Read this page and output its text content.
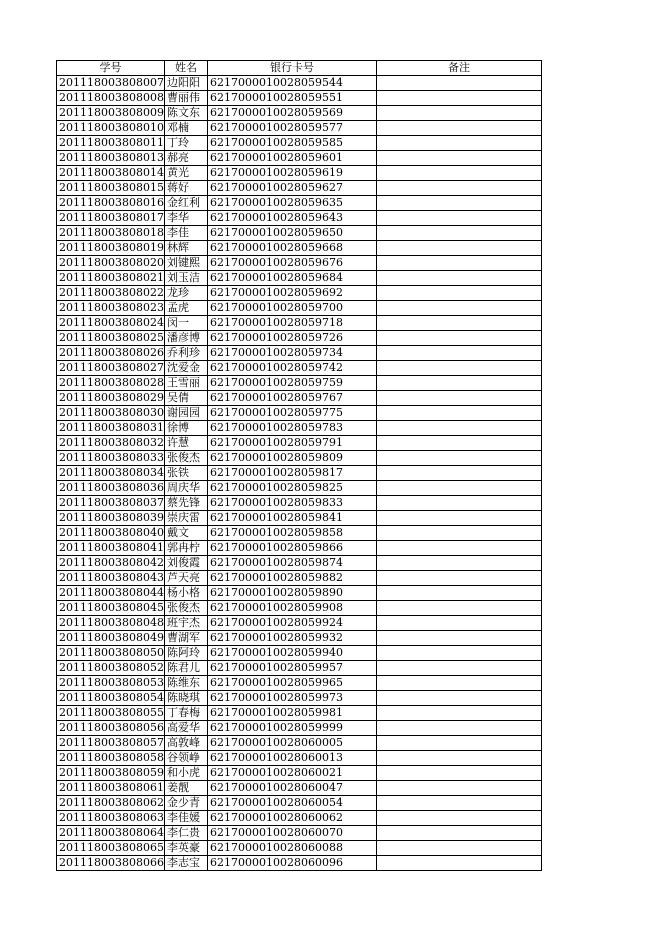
学号	姓名	银行卡号	备注
201118003808007	边阳阳	6217000010028059544	
201118003808008	曹丽伟	6217000010028059551	
201118003808009	陈文东	6217000010028059569	
201118003808010	邓楠	6217000010028059577	
201118003808011	丁玲	6217000010028059585	
201118003808013	郝亮	6217000010028059601	
201118003808014	黄光	6217000010028059619	
201118003808015	蒋好	6217000010028059627	
201118003808016	金红利	6217000010028059635	
201118003808017	李华	6217000010028059643	
201118003808018	李佳	6217000010028059650	
201118003808019	林辉	6217000010028059668	
201118003808020	刘键熙	6217000010028059676	
201118003808021	刘玉洁	6217000010028059684	
201118003808022	龙珍	6217000010028059692	
201118003808023	孟虎	6217000010028059700	
201118003808024	闵一	6217000010028059718	
201118003808025	潘彦博	6217000010028059726	
201118003808026	乔利珍	6217000010028059734	
201118003808027	沈爱金	6217000010028059742	
201118003808028	王雪丽	6217000010028059759	
201118003808029	吴倩	6217000010028059767	
201118003808030	谢园园	6217000010028059775	
201118003808031	徐博	6217000010028059783	
201118003808032	许慧	6217000010028059791	
201118003808033	张俊杰	6217000010028059809	
201118003808034	张铁	6217000010028059817	
201118003808036	周庆华	6217000010028059825	
201118003808037	蔡先锋	6217000010028059833	
201118003808039	崇庆雷	6217000010028059841	
201118003808040	戴文	6217000010028059858	
201118003808041	郭冉柠	6217000010028059866	
201118003808042	刘俊霞	6217000010028059874	
201118003808043	芦天亮	6217000010028059882	
201118003808044	杨小格	6217000010028059890	
201118003808045	张俊杰	6217000010028059908	
201118003808048	班宇杰	6217000010028059924	
201118003808049	曹湖军	6217000010028059932	
201118003808050	陈阿玲	6217000010028059940	
201118003808052	陈君儿	6217000010028059957	
201118003808053	陈维东	6217000010028059965	
201118003808054	陈晓琪	6217000010028059973	
201118003808055	丁春梅	6217000010028059981	
201118003808056	高爱华	6217000010028059999	
201118003808057	高敦峰	6217000010028060005	
201118003808058	谷领峥	6217000010028060013	
201118003808059	和小虎	6217000010028060021	
201118003808061	姜靓	6217000010028060047	
201118003808062	金少青	6217000010028060054	
201118003808063	李佳媛	6217000010028060062	
201118003808064	李仁贵	6217000010028060070	
201118003808065	李英豪	6217000010028060088	
201118003808066	李志宝	6217000010028060096	
